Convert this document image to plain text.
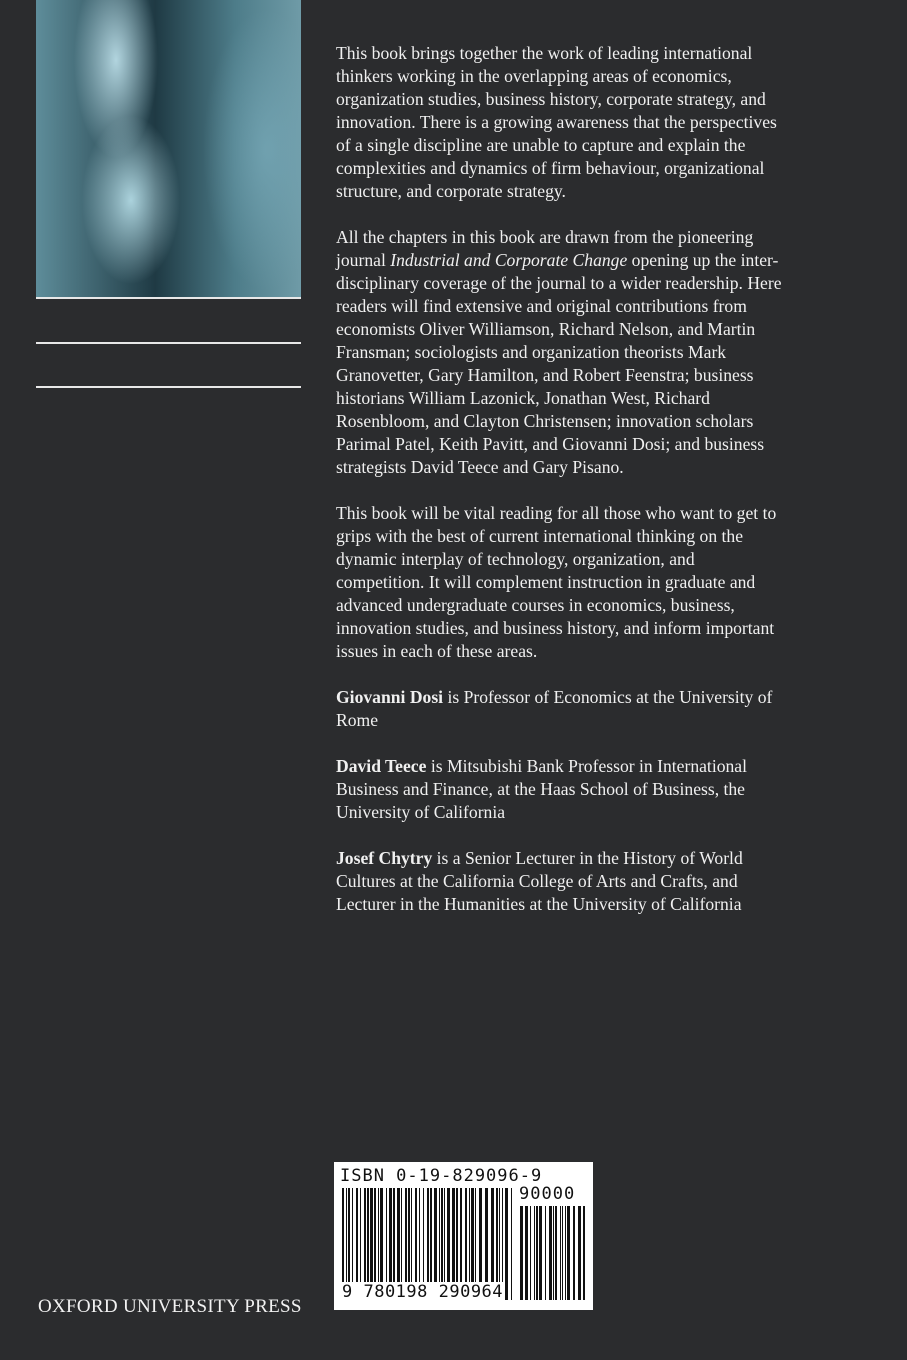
This book brings together the work of leading international thinkers working in the overlapping areas of economics, organization studies, business history, corporate strategy, and innovation. There is a growing awareness that the perspectives of a single discipline are unable to capture and explain the complexities and dynamics of firm behaviour, organizational structure, and corporate strategy.

All the chapters in this book are drawn from the pioneering journal Industrial and Corporate Change opening up the inter-disciplinary coverage of the journal to a wider readership. Here readers will find extensive and original contributions from economists Oliver Williamson, Richard Nelson, and Martin Fransman; sociologists and organization theorists Mark Granovetter, Gary Hamilton, and Robert Feenstra; business historians William Lazonick, Jonathan West, Richard Rosenbloom, and Clayton Christensen; innovation scholars Parimal Patel, Keith Pavitt, and Giovanni Dosi; and business strategists David Teece and Gary Pisano.

This book will be vital reading for all those who want to get to grips with the best of current international thinking on the dynamic interplay of technology, organization, and competition. It will complement instruction in graduate and advanced undergraduate courses in economics, business, innovation studies, and business history, and inform important issues in each of these areas.

Giovanni Dosi is Professor of Economics at the University of Rome

David Teece is Mitsubishi Bank Professor in International Business and Finance, at the Haas School of Business, the University of California

Josef Chytry is a Senior Lecturer in the History of World Cultures at the California College of Arts and Crafts, and Lecturer in the Humanities at the University of California

ISBN 0-19-829096-9
90000
9 780198 290964
OXFORD UNIVERSITY PRESS
